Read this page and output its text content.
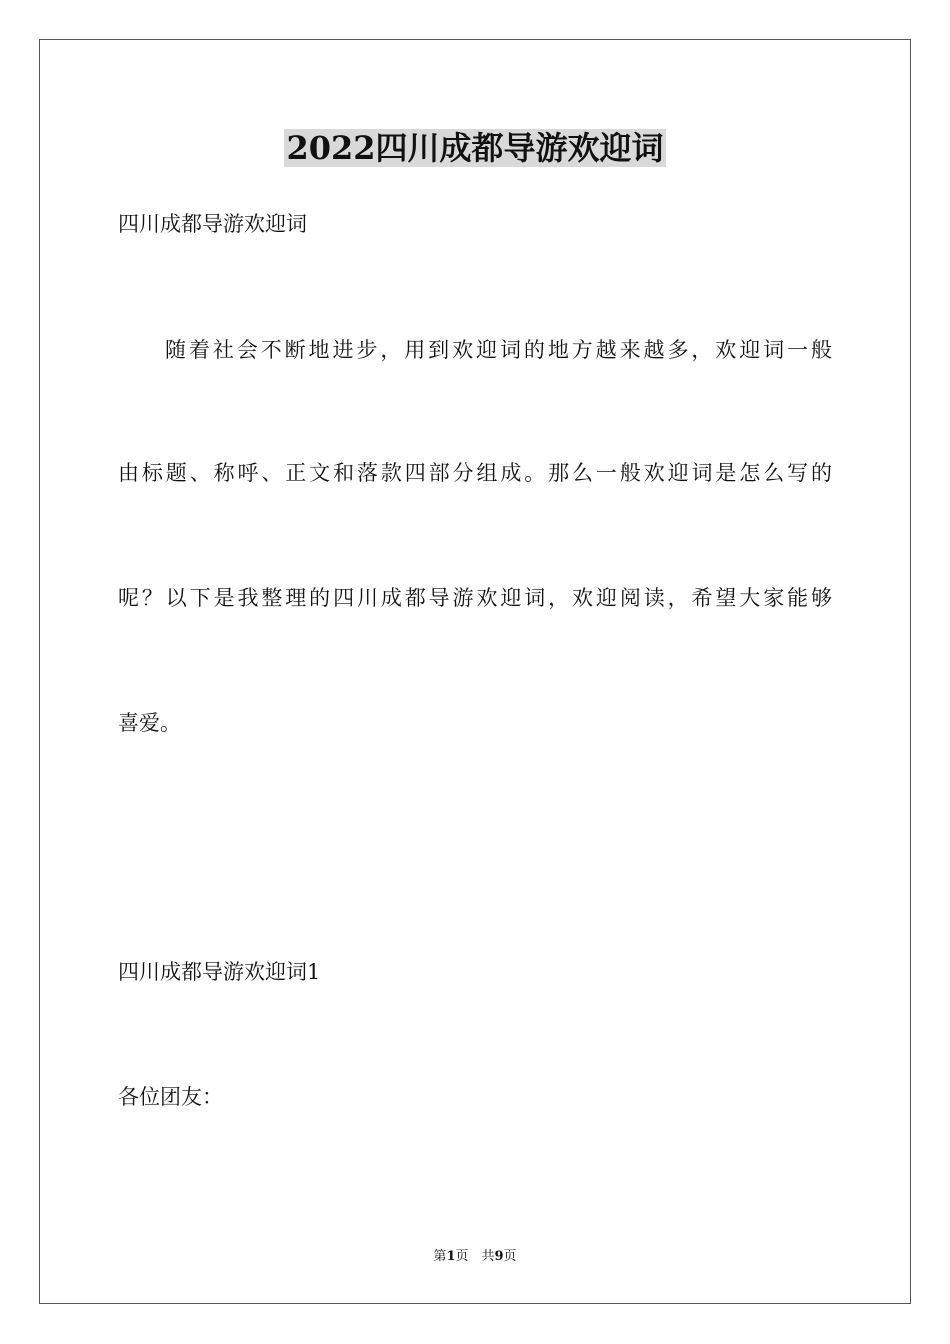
2022四川成都导游欢迎词

四川成都导游欢迎词

随着社会不断地进步，用到欢迎词的地方越来越多，欢迎词一般

由标题、称呼、正文和落款四部分组成。那么一般欢迎词是怎么写的

呢？以下是我整理的四川成都导游欢迎词，欢迎阅读，希望大家能够

喜爱。

四川成都导游欢迎词1

各位团友：

第1页　共9页
